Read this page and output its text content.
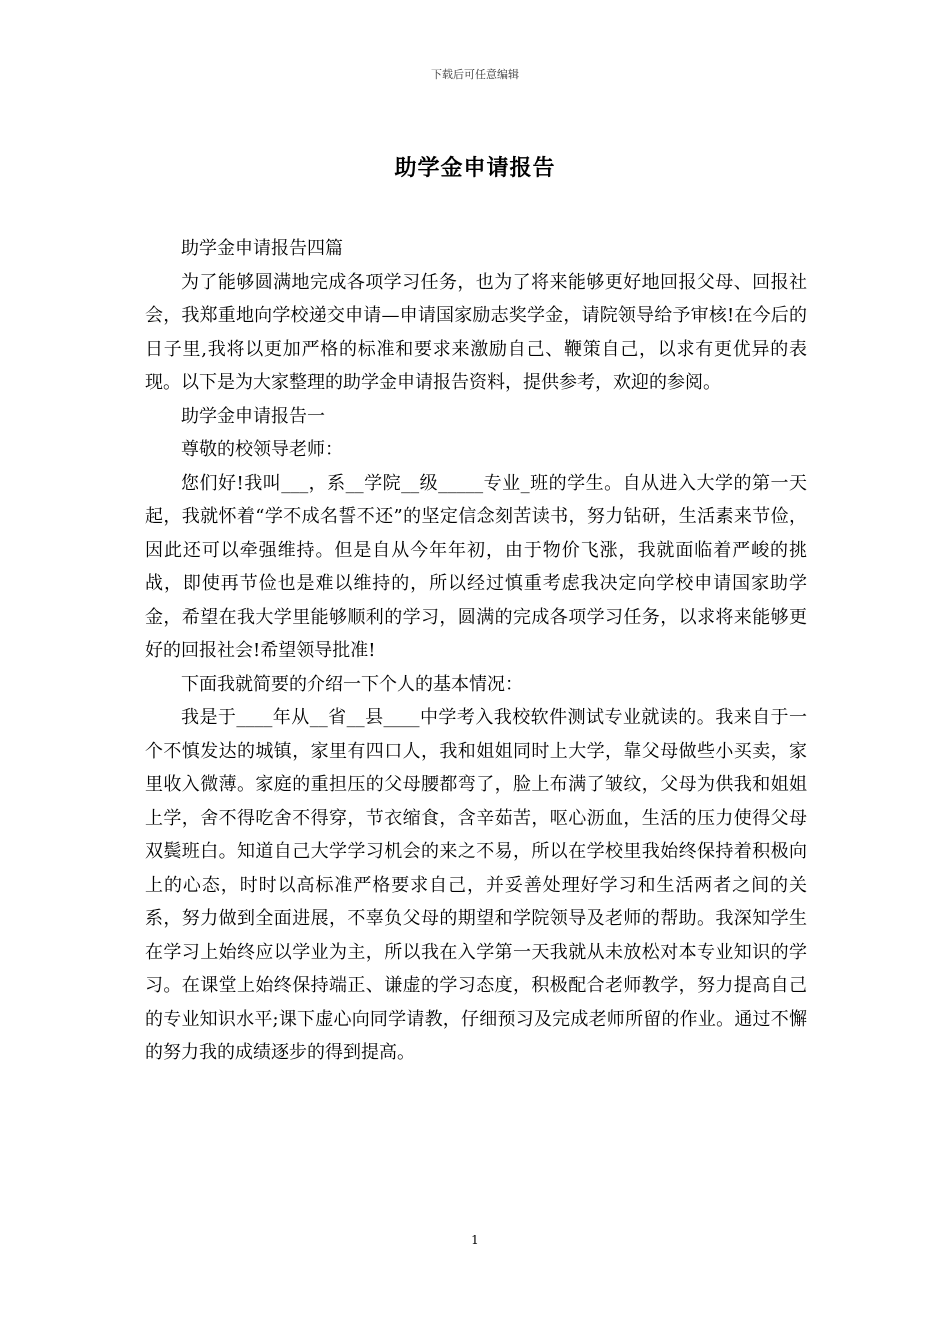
下载后可任意编辑
助学金申请报告

助学金申请报告四篇

为了能够圆满地完成各项学习任务，也为了将来能够更好地回报父母、回报社会，我郑重地向学校递交申请—申请国家励志奖学金，请院领导给予审核!在今后的日子里,我将以更加严格的标准和要求来激励自己、鞭策自己，以求有更优异的表现。以下是为大家整理的助学金申请报告资料，提供参考，欢迎的参阅。

助学金申请报告一

尊敬的校领导老师：

您们好!我叫___，系__学院__级_____专业_班的学生。自从进入大学的第一天起，我就怀着“学不成名誓不还”的坚定信念刻苦读书，努力钻研，生活素来节俭，因此还可以牵强维持。但是自从今年年初，由于物价飞涨，我就面临着严峻的挑战，即使再节俭也是难以维持的，所以经过慎重考虑我决定向学校申请国家助学金，希望在我大学里能够顺利的学习，圆满的完成各项学习任务，以求将来能够更好的回报社会!希望领导批准!

下面我就简要的介绍一下个人的基本情况：

我是于____年从__省__县____中学考入我校软件测试专业就读的。我来自于一个不慎发达的城镇，家里有四口人，我和姐姐同时上大学，靠父母做些小买卖，家里收入微薄。家庭的重担压的父母腰都弯了，脸上布满了皱纹，父母为供我和姐姐上学，舍不得吃舍不得穿，节衣缩食，含辛茹苦，呕心沥血，生活的压力使得父母双鬓班白。知道自己大学学习机会的来之不易，所以在学校里我始终保持着积极向上的心态，时时以高标准严格要求自己，并妥善处理好学习和生活两者之间的关系，努力做到全面进展，不辜负父母的期望和学院领导及老师的帮助。我深知学生在学习上始终应以学业为主，所以我在入学第一天我就从未放松对本专业知识的学习。在课堂上始终保持端正、谦虚的学习态度，积极配合老师教学，努力提高自己的专业知识水平;课下虚心向同学请教，仔细预习及完成老师所留的作业。通过不懈的努力我的成绩逐步的得到提高。

1
